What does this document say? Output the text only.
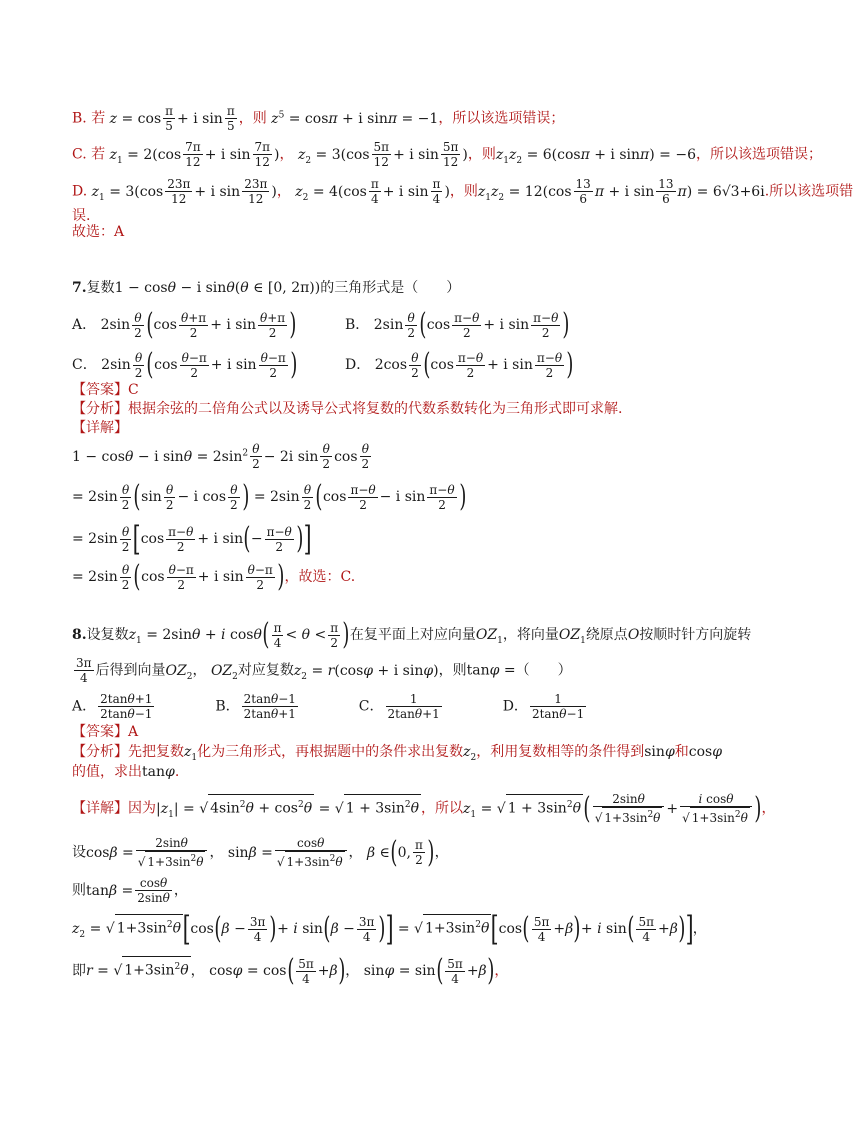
B. 若 $z = \cos \frac{\pi}{5} + i$ $\sin \frac{\pi}{5}$ ，则 $z^5 = \cos\pi + i$ sinπ = −1，所以该选项错误；
C. 若 $z_1 = 2(\cos \frac{7\pi}{12} + i$ $\sin \frac{7\pi}{12}$ )， $z_2 = 3(\cos \frac{5\pi}{12} + i$ $\sin \frac{5\pi}{12}$ )，则$z_1z_2 = 6(\cos\pi + i$ sinπ) = −6，所以该选项错误；
D. $z_1 = 3(\cos \frac{23\pi}{12} + i$ $\sin \frac{23\pi}{12}$ )， $z_2 = 4(\cos \frac{\pi}{4} + i$ $\sin \frac{\pi}{4}$ )，则$z_1z_2 = 12(\cos \frac{13}{6}$ π + i $\sin \frac{13}{6} \pi) = 6√3+6i$.所以该选项错
误.
故选：A
7.复数1 − cosθ − i sinθ(θ ∈ [0, 2π))的三角形式是（　　）
A． $2\sin \frac{\theta}{2} (\cos \frac{\theta+\pi}{2} + i$ $\sin \frac{\theta+\pi}{2}$ )	B． $2\sin \frac{\theta}{2} (\cos \frac{\pi-\theta}{2} + i$ $\sin \frac{\pi-\theta}{2}$ )
C． $2\sin \frac{\theta}{2} (\cos \frac{\theta-\pi}{2} + i$ $\sin \frac{\theta-\pi}{2}$ )	D． $2\cos \frac{\theta}{2} (\cos \frac{\pi-\theta}{2} + i$ $\sin \frac{\pi-\theta}{2}$ )
【答案】C
【分析】根据余弦的二倍角公式以及诱导公式将复数的代数系数转化为三角形式即可求解.
【详解】
1 − cosθ − i $\sin\theta = 2\sin^2 \frac{\theta}{2} - 2i$ $\sin \frac{\theta}{2}$ $\cos \frac{\theta}{2}$
= $2\sin \frac{\theta}{2} (\sin \frac{\theta}{2} - i$ $\cos \frac{\theta}{2}$ ) = $2\sin \frac{\theta}{2} (\cos \frac{\pi-\theta}{2} - i$ $\sin \frac{\pi-\theta}{2}$ )
= $2\sin \frac{\theta}{2} [\cos \frac{\pi-\theta}{2} + i$ $\sin(- \frac{\pi-\theta}{2}$ )]
= $2\sin \frac{\theta}{2} (\cos \frac{\theta-\pi}{2} + i$ $\sin \frac{\theta-\pi}{2}$ )，故选：C.
8.设复数$z_1 = 2\sin\theta + i$ $\cos\theta( \frac{\pi}{4} < \theta < \frac{\pi}{2}$ )在复平面上对应向量$OZ_1$，将向量$OZ_1$绕原点O按顺时针方向旋转
$\frac{3\pi}{4}$ 后得到向量$OZ_2$， $OZ_2$对应复数$z_2 = r(\cos\varphi + i$ sinφ)，则tanφ =（　　）
A． $\frac{2\tan\theta+1}{2\tan\theta-1}$	B． $\frac{2\tan\theta-1}{2\tan\theta+1}$	C． $\frac{1}{2\tan\theta+1}$	D． $\frac{1}{2\tan\theta-1}$
【答案】A
【分析】先把复数$z_1$化为三角形式，再根据题中的条件求出复数$z_2$，利用复数相等的条件得到sinφ和cosφ
的值，求出tanφ.
【详解】因为$|z_1|$ = √ $4\sin^2\theta + \cos^2\theta$ = √ $1 + 3\sin^2\theta$ ，所以$z_1$ = √ $1 + 3\sin^2\theta( \frac{2\sin\theta}{√ 1+3\sin^2\theta} + \frac{\text{i cosθ}}{√ 1+3\sin^2\theta}$ )，
设$\cos\beta = \frac{2\sin\theta}{√ 1+3\sin^2\theta}$ ， $\sin\beta = \frac{\cos\theta}{√ 1+3\sin^2\theta}$ ， β ∈(0, $\frac{\pi}{2}$ )，
则$\tan\beta = \frac{\cos\theta}{2\sin\theta}$ ，
$z_2$ = √ $1+3\sin^2\theta[\cos(\beta - \frac{3\pi}{4}$ )+ i $\sin(\beta - \frac{3\pi}{4}$ )] = √ $1+3\sin^2\theta[\cos( \frac{5\pi}{4} +\beta)+ i$ $\sin( \frac{5\pi}{4} +\beta)$]，
即r = √ $1+3\sin^2\theta$ ， $\cos\varphi = \cos( \frac{5\pi}{4} +\beta)$， $\sin\varphi = \sin( \frac{5\pi}{4} +\beta)$，
